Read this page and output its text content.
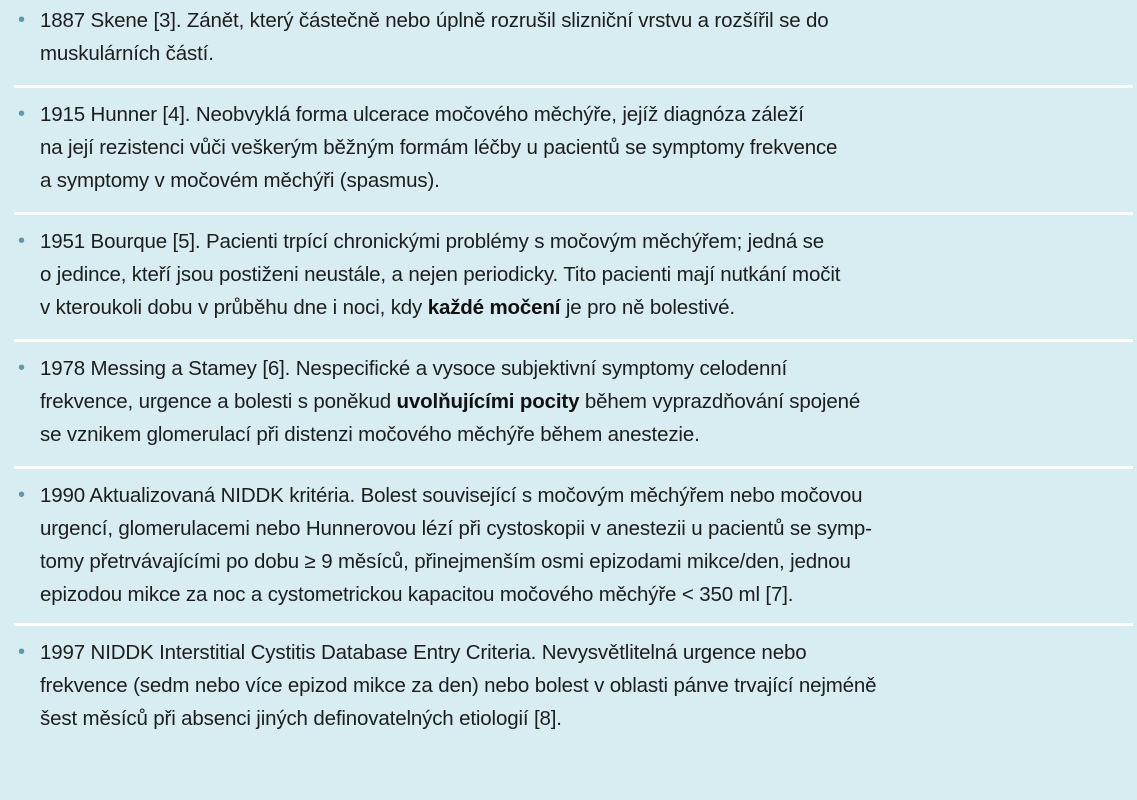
• 1887 Skene [3]. Zánět, který částečně nebo úplně rozrušil slizniční vrstvu a rozšířil se do
muskulárních částí.
• 1915 Hunner [4]. Neobvyklá forma ulcerace močového měchýře, jejíž diagnóza záleží
na její rezistenci vůči veškerým běžným formám léčby u pacientů se symptomy frekvence
a symptomy v močovém měchýři (spasmus).
• 1951 Bourque [5]. Pacienti trpící chronickými problémy s močovým měchýřem; jedná se
o jedince, kteří jsou postiženi neustále, a nejen periodicky. Tito pacienti mají nutkání močit
v kteroukoli dobu v průběhu dne i noci, kdy každé močení je pro ně bolestivé.
• 1978 Messing a Stamey [6]. Nespecifické a vysoce subjektivní symptomy celodenní
frekvence, urgence a bolesti s poněkud uvolňujícími pocity během vyprazdňování spojené
se vznikem glomerulací při distenzi močového měchýře během anestezie.
• 1990 Aktualizovaná NIDDK kritéria. Bolest související s močovým měchýřem nebo močovou
urgencí, glomerulacemi nebo Hunnerovou lézí při cystoskopii v anestezii u pacientů se symp-
tomy přetrvávajícími po dobu ≥ 9 měsíců, přinejmenším osmi epizodami mikce/den, jednou
epizodou mikce za noc a cystometrickou kapacitou močového měchýře < 350 ml [7].
• 1997 NIDDK Interstitial Cystitis Database Entry Criteria. Nevysvětlitelná urgence nebo
frekvence (sedm nebo více epizod mikce za den) nebo bolest v oblasti pánve trvající nejméně
šest měsíců při absenci jiných definovatelných etiologií [8].
